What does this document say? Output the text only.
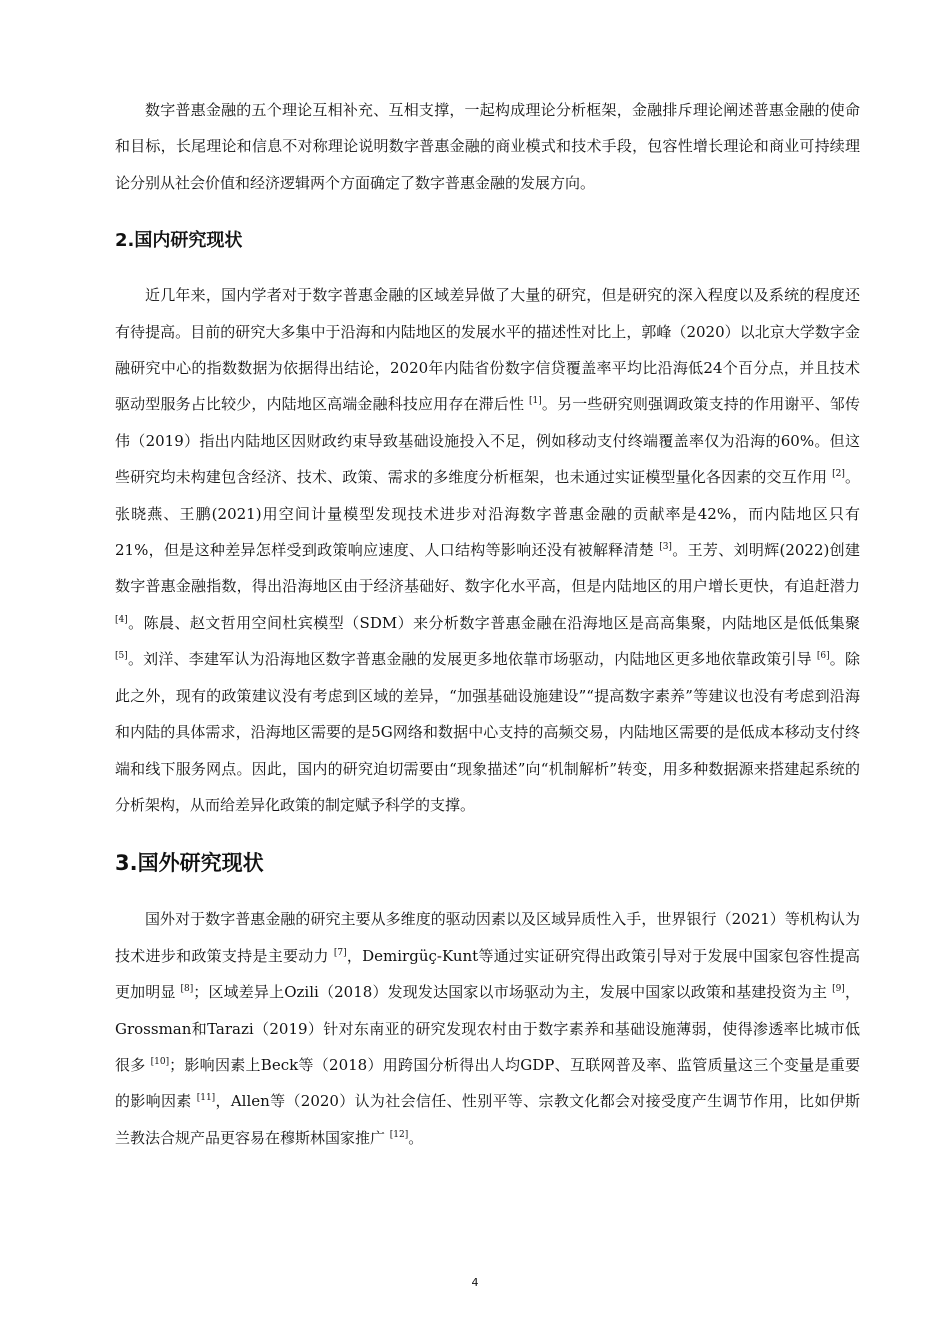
数字普惠金融的五个理论互相补充、互相支撑，一起构成理论分析框架，金融排斥理论阐述普惠金融的使命和目标，长尾理论和信息不对称理论说明数字普惠金融的商业模式和技术手段，包容性增长理论和商业可持续理论分别从社会价值和经济逻辑两个方面确定了数字普惠金融的发展方向。

2.国内研究现状

近几年来，国内学者对于数字普惠金融的区域差异做了大量的研究，但是研究的深入程度以及系统的程度还有待提高。目前的研究大多集中于沿海和内陆地区的发展水平的描述性对比上，郭峰（2020）以北京大学数字金融研究中心的指数数据为依据得出结论，2020年内陆省份数字信贷覆盖率平均比沿海低24个百分点，并且技术驱动型服务占比较少，内陆地区高端金融科技应用存在滞后性 [1]。另一些研究则强调政策支持的作用谢平、邹传伟（2019）指出内陆地区因财政约束导致基础设施投入不足，例如移动支付终端覆盖率仅为沿海的60%。但这些研究均未构建包含经济、技术、政策、需求的多维度分析框架，也未通过实证模型量化各因素的交互作用 [2]。张晓燕、王鹏(2021)用空间计量模型发现技术进步对沿海数字普惠金融的贡献率是42%，而内陆地区只有21%，但是这种差异怎样受到政策响应速度、人口结构等影响还没有被解释清楚 [3]。王芳、刘明辉(2022)创建数字普惠金融指数，得出沿海地区由于经济基础好、数字化水平高，但是内陆地区的用户增长更快，有追赶潜力 [4]。陈晨、赵文哲用空间杜宾模型（SDM）来分析数字普惠金融在沿海地区是高高集聚，内陆地区是低低集聚 [5]。刘洋、李建军认为沿海地区数字普惠金融的发展更多地依靠市场驱动，内陆地区更多地依靠政策引导 [6]。除此之外，现有的政策建议没有考虑到区域的差异，“加强基础设施建设”“提高数字素养”等建议也没有考虑到沿海和内陆的具体需求，沿海地区需要的是5G网络和数据中心支持的高频交易，内陆地区需要的是低成本移动支付终端和线下服务网点。因此，国内的研究迫切需要由“现象描述”向“机制解析”转变，用多种数据源来搭建起系统的分析架构，从而给差异化政策的制定赋予科学的支撑。

3.国外研究现状

国外对于数字普惠金融的研究主要从多维度的驱动因素以及区域异质性入手，世界银行（2021）等机构认为技术进步和政策支持是主要动力 [7]，Demirgüç-Kunt等通过实证研究得出政策引导对于发展中国家包容性提高更加明显 [8]；区域差异上Ozili（2018）发现发达国家以市场驱动为主，发展中国家以政策和基建投资为主 [9]，Grossman和Tarazi（2019）针对东南亚的研究发现农村由于数字素养和基础设施薄弱，使得渗透率比城市低很多 [10]；影响因素上Beck等（2018）用跨国分析得出人均GDP、互联网普及率、监管质量这三个变量是重要的影响因素 [11]，Allen等（2020）认为社会信任、性别平等、宗教文化都会对接受度产生调节作用，比如伊斯兰教法合规产品更容易在穆斯林国家推广 [12]。

4
